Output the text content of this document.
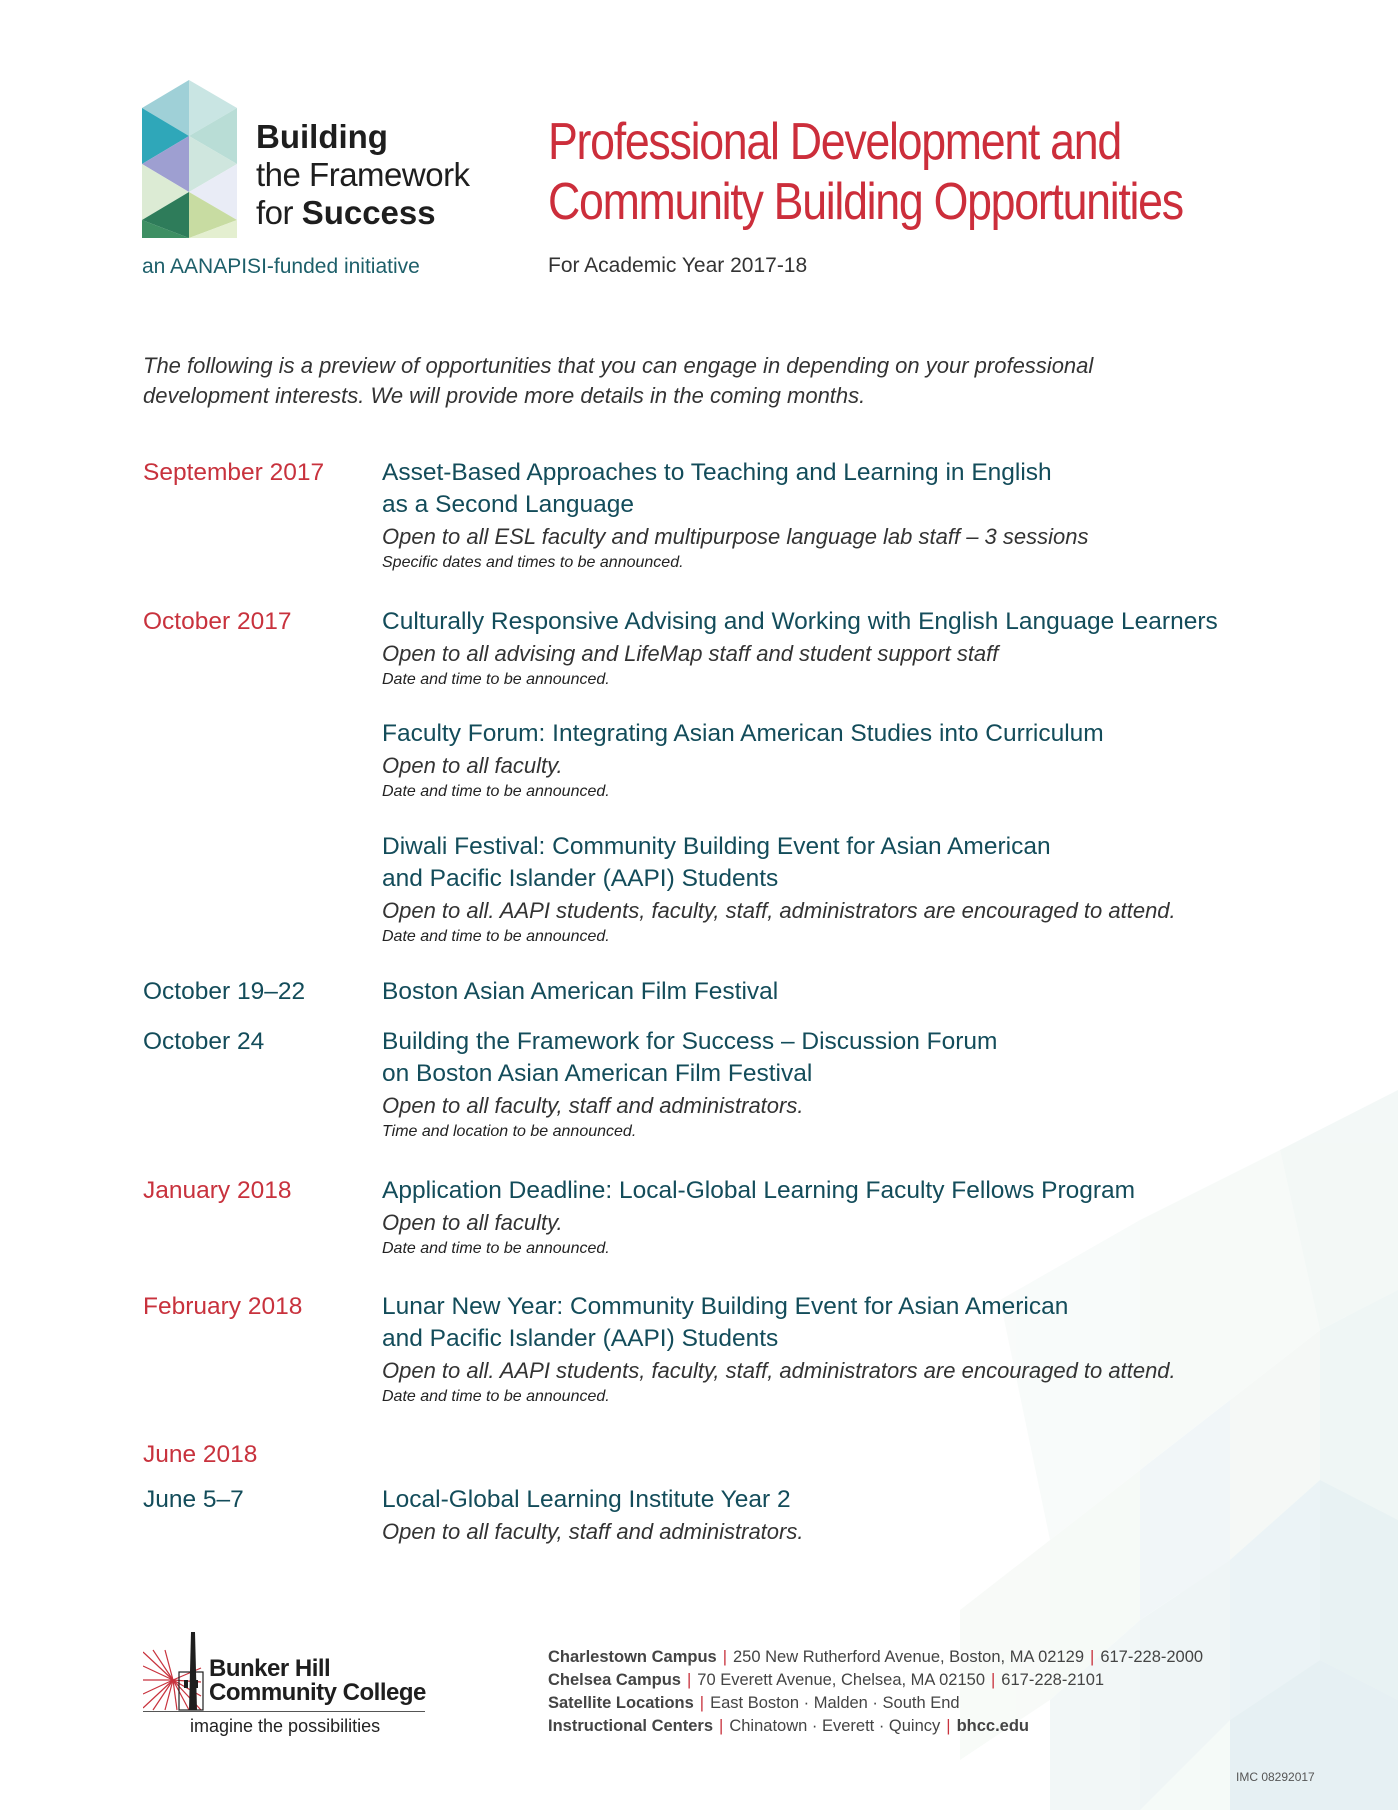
Building
the Framework
for Success
an AANAPISI-funded initiative
Professional Development and
Community Building Opportunities
For Academic Year 2017-18
The following is a preview of opportunities that you can engage in depending on your professional
development interests. We will provide more details in the coming months.
September 2017 Asset-Based Approaches to Teaching and Learning in English
as a Second Language
Open to all ESL faculty and multipurpose language lab staff – 3 sessions
Specific dates and times to be announced.
October 2017	Culturally Responsive Advising and Working with English Language Learners
Open to all advising and LifeMap staff and student support staff
Date and time to be announced.
Faculty Forum: Integrating Asian American Studies into Curriculum
Open to all faculty.
Date and time to be announced.
Diwali Festival: Community Building Event for Asian American
and Pacific Islander (AAPI) Students
Open to all. AAPI students, faculty, staff, administrators are encouraged to attend.
Date and time to be announced.
October 19–22	Boston Asian American Film Festival
October 24	Building the Framework for Success – Discussion Forum
on Boston Asian American Film Festival
Open to all faculty, staff and administrators.
Time and location to be announced.
January 2018	Application Deadline: Local-Global Learning Faculty Fellows Program
Open to all faculty.
Date and time to be announced.
February 2018	Lunar New Year: Community Building Event for Asian American
and Pacific Islander (AAPI) Students
Open to all. AAPI students, faculty, staff, administrators are encouraged to attend.
Date and time to be announced.
June 2018
June 5–7	Local-Global Learning Institute Year 2
Open to all faculty, staff and administrators.
Bunker Hill
Community College
imagine the possibilities
Charlestown Campus | 250 New Rutherford Avenue, Boston, MA 02129 | 617-228-2000
Chelsea Campus | 70 Everett Avenue, Chelsea, MA 02150 | 617-228-2101
Satellite Locations | East Boston · Malden · South End
Instructional Centers | Chinatown · Everett · Quincy | bhcc.edu
IMC 08292017
